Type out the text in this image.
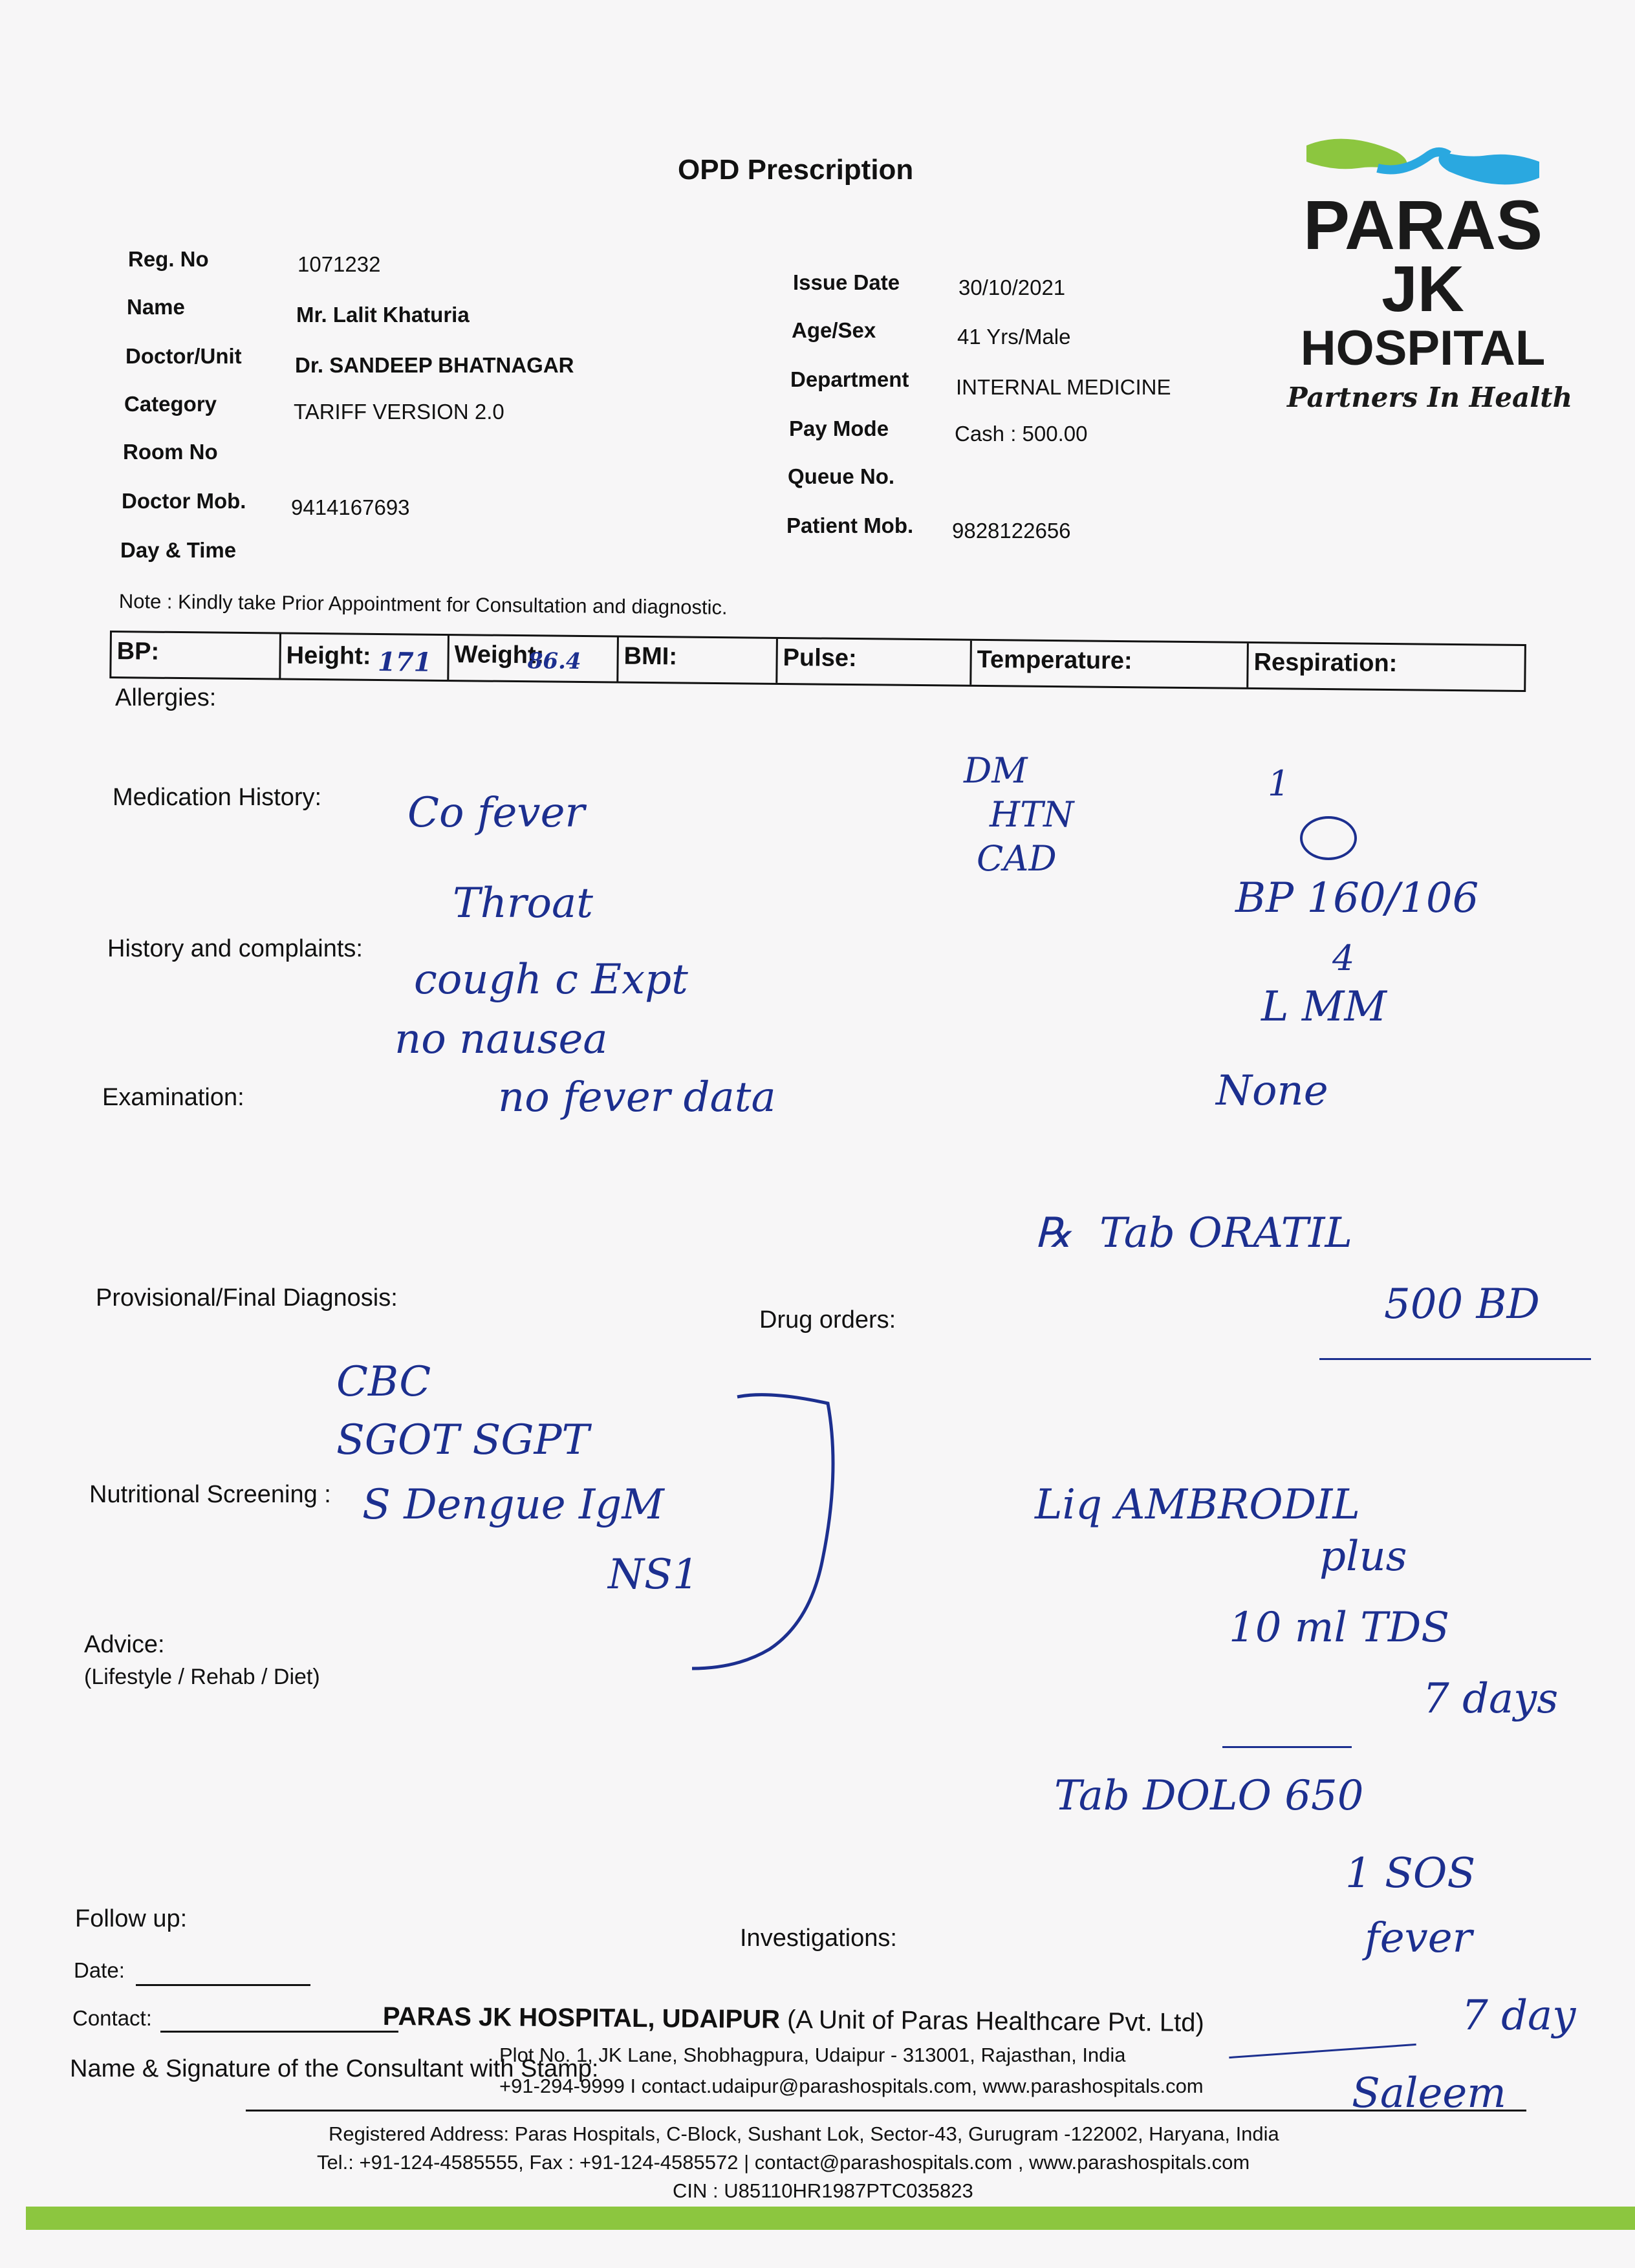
OPD Prescription
PARAS
JK
HOSPITAL
Partners In Health
Reg. No	1071232
Name	Mr. Lalit Khaturia
Doctor/Unit Dr. SANDEEP BHATNAGAR
Category	TARIFF VERSION 2.0
Room No
Doctor Mob. 9414167693
Day & Time
Issue Date	30/10/2021
Age/Sex	41 Yrs/Male
Department INTERNAL MEDICINE
Pay Mode	Cash : 500.00
Queue No.
Patient Mob. 9828122656
Note : Kindly take Prior Appointment for Consultation and diagnostic.
BP:	Height: 171 Weight: 86.4	BMI:	Pulse:	Temperature:	Respiration:
Allergies:
Medication History:
History and complaints:
Examination:
Provisional/Final Diagnosis:
Drug orders:
Nutritional Screening :
Advice:
(Lifestyle / Rehab / Diet)
Follow up:
Date:
Contact:
Investigations:
Name & Signature of the Consultant with Stamp:
Co fever
Throat
cough c Expt
no nausea
no fever data
DM
HTN
CAD
1
BP 160/106
4
L MM
None
CBC
SGOT SGPT
S Dengue IgM
NS1
℞ Tab ORATIL
500 BD
Liq AMBRODIL
plus
10 ml TDS
7 days
Tab DOLO 650
1 SOS
fever
7 day
Saleem
PARAS JK HOSPITAL, UDAIPUR (A Unit of Paras Healthcare Pvt. Ltd)
Plot No. 1, JK Lane, Shobhagpura, Udaipur - 313001, Rajasthan, India
+91-294-9999 I contact.udaipur@parashospitals.com, www.parashospitals.com
Registered Address: Paras Hospitals, C-Block, Sushant Lok, Sector-43, Gurugram -122002, Haryana, India
Tel.: +91-124-4585555, Fax : +91-124-4585572 | contact@parashospitals.com , www.parashospitals.com
CIN : U85110HR1987PTC035823
